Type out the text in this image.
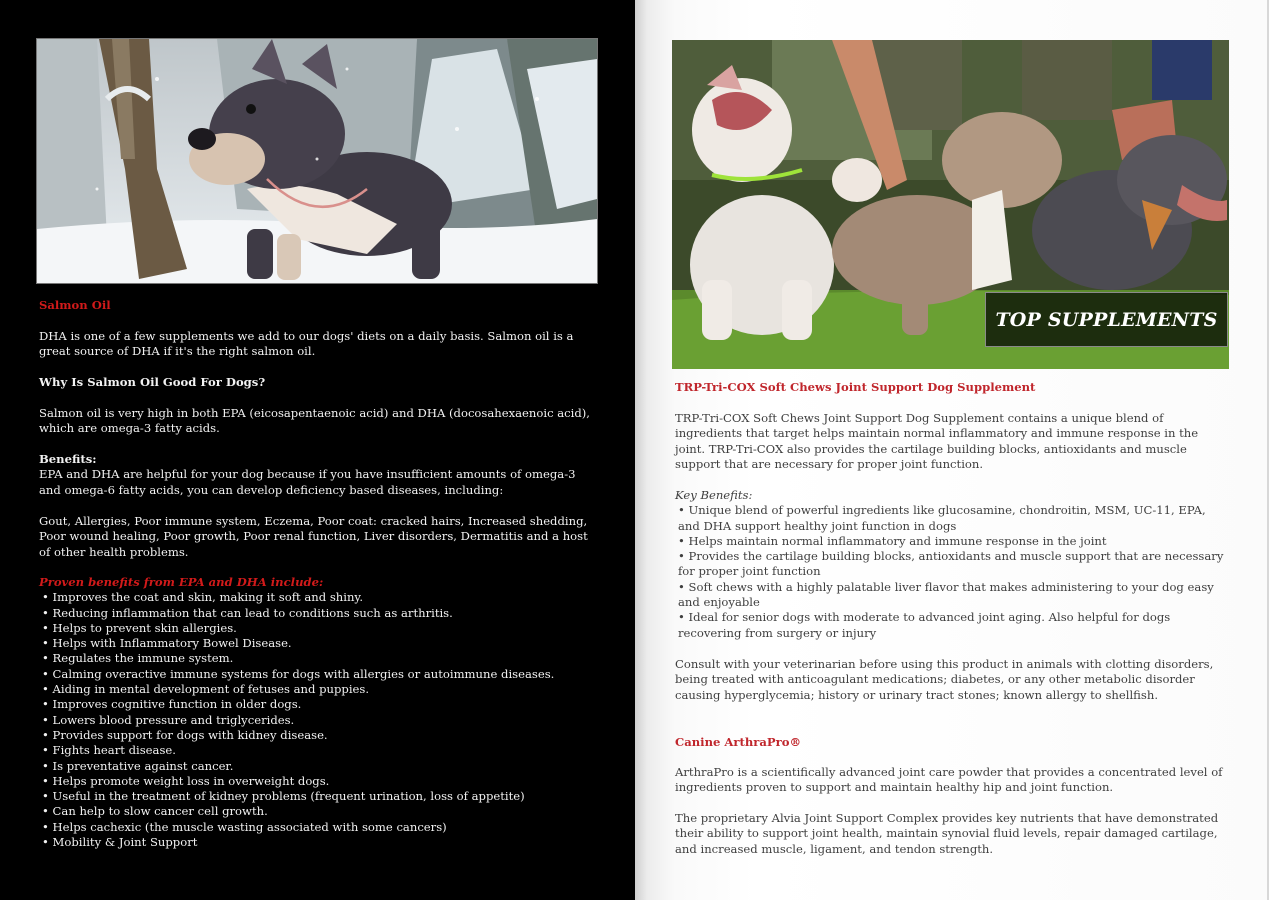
Salmon Oil

DHA is one of a few supplements we add to our dogs' diets on a daily basis. Salmon oil is a great source of DHA if it's the right salmon oil.

Why Is Salmon Oil Good For Dogs?

Salmon oil is very high in both EPA (eicosapentaenoic acid) and DHA (docosahexaenoic acid), which are omega-3 fatty acids.

Benefits:

EPA and DHA are helpful for your dog because if you have insufficient amounts of omega-3 and omega-6 fatty acids, you can develop deficiency based diseases, including:

Gout, Allergies, Poor immune system, Eczema, Poor coat: cracked hairs, Increased shedding, Poor wound healing, Poor growth, Poor renal function, Liver disorders, Dermatitis and a host of other health problems.

Proven benefits from EPA and DHA include:

• Improves the coat and skin, making it soft and shiny.
• Reducing inflammation that can lead to conditions such as arthritis.
• Helps to prevent skin allergies.
• Helps with Inflammatory Bowel Disease.
• Regulates the immune system.
• Calming overactive immune systems for dogs with allergies or autoimmune diseases.
• Aiding in mental development of fetuses and puppies.
• Improves cognitive function in older dogs.
• Lowers blood pressure and triglycerides.
• Provides support for dogs with kidney disease.
• Fights heart disease.
• Is preventative against cancer.
• Helps promote weight loss in overweight dogs.
• Useful in the treatment of kidney problems (frequent urination, loss of appetite)
• Can help to slow cancer cell growth.
• Helps cachexic (the muscle wasting associated with some cancers)
• Mobility & Joint Support
TOP SUPPLEMENTS

TRP-Tri-COX Soft Chews Joint Support Dog Supplement

TRP-Tri-COX Soft Chews Joint Support Dog Supplement contains a unique blend of ingredients that target helps maintain normal inflammatory and immune response in the joint. TRP-Tri-COX also provides the cartilage building blocks, antioxidants and muscle support that are necessary for proper joint function.

Key Benefits:

• Unique blend of powerful ingredients like glucosamine, chondroitin, MSM, UC-11, EPA, and DHA support healthy joint function in dogs
• Helps maintain normal inflammatory and immune response in the joint
• Provides the cartilage building blocks, antioxidants and muscle support that are necessary for proper joint function
• Soft chews with a highly palatable liver flavor that makes administering to your dog easy and enjoyable
• Ideal for senior dogs with moderate to advanced joint aging. Also helpful for dogs recovering from surgery or injury

Consult with your veterinarian before using this product in animals with clotting disorders, being treated with anticoagulant medications; diabetes, or any other metabolic disorder causing hyperglycemia; history or urinary tract stones; known allergy to shellfish.

Canine ArthraPro®

ArthraPro is a scientifically advanced joint care powder that provides a concentrated level of ingredients proven to support and maintain healthy hip and joint function.

The proprietary Alvia Joint Support Complex provides key nutrients that have demonstrated their ability to support joint health, maintain synovial fluid levels, repair damaged cartilage, and increased muscle, ligament, and tendon strength.
